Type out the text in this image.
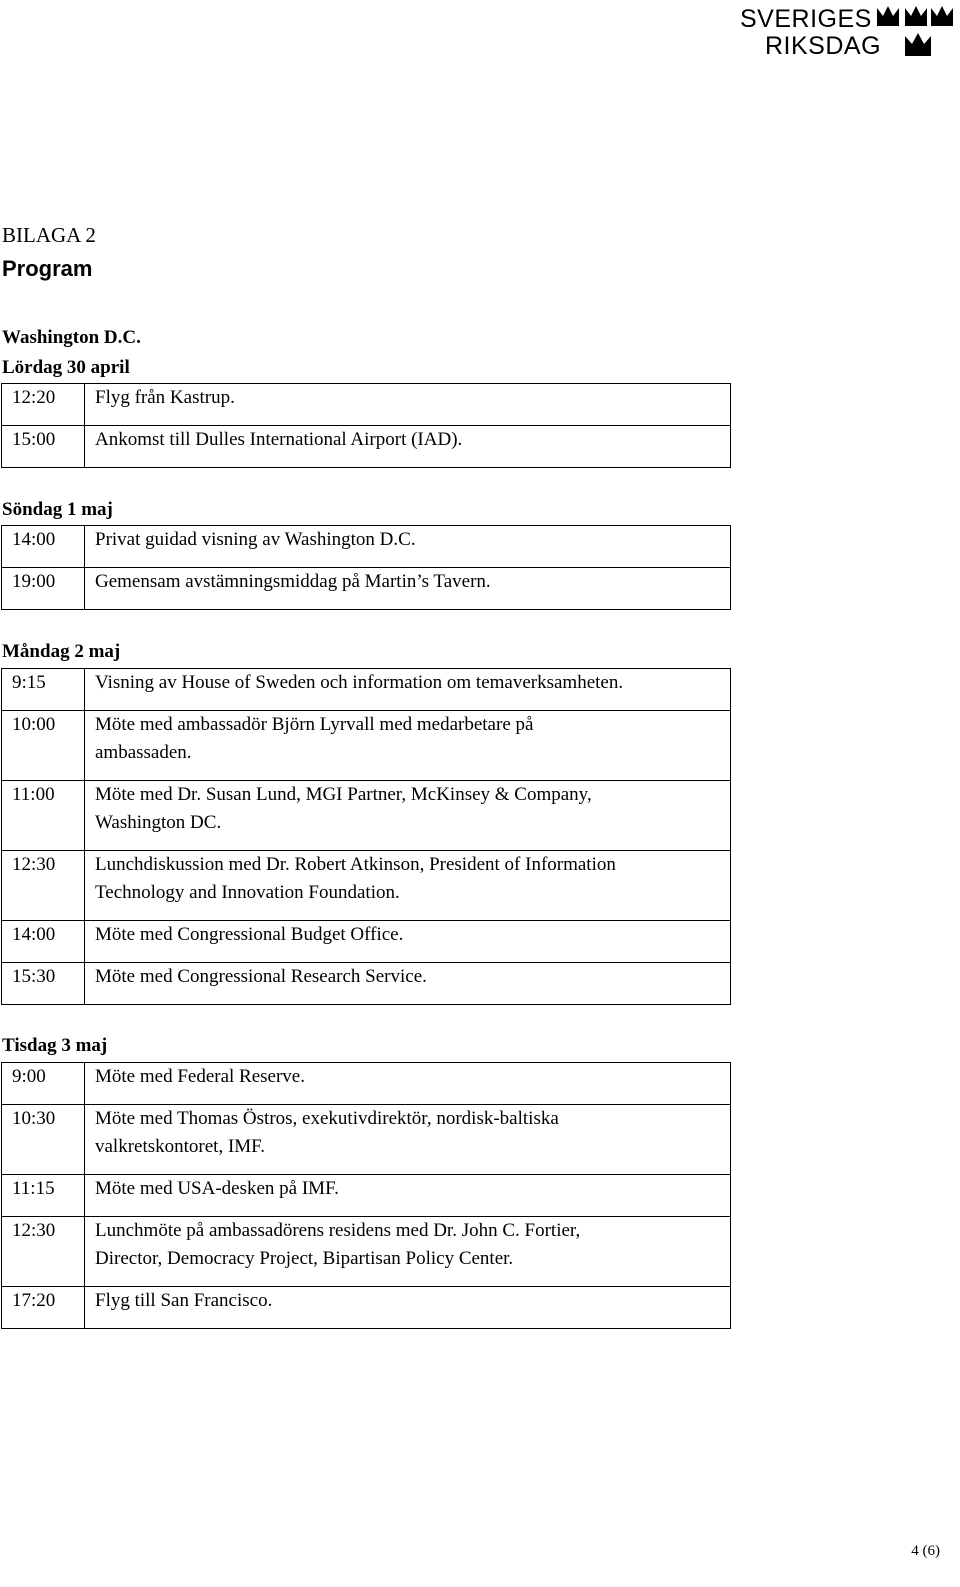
SVERIGES
RIKSDAG
BILAGA 2
Program
Washington D.C.
Lördag 30 april
12:20	Flyg från Kastrup.
15:00	Ankomst till Dulles International Airport (IAD).
Söndag 1 maj
14:00	Privat guidad visning av Washington D.C.
19:00	Gemensam avstämningsmiddag på Martin’s Tavern.
Måndag 2 maj
9:15	Visning av House of Sweden och information om temaverksamheten.
10:00	Möte med ambassadör Björn Lyrvall med medarbetare på
ambassaden.
11:00	Möte med Dr. Susan Lund, MGI Partner, McKinsey & Company,
Washington DC.
12:30	Lunchdiskussion med Dr. Robert Atkinson, President of Information
Technology and Innovation Foundation.
14:00	Möte med Congressional Budget Office.
15:30	Möte med Congressional Research Service.
Tisdag 3 maj
9:00	Möte med Federal Reserve.
10:30	Möte med Thomas Östros, exekutivdirektör, nordisk-baltiska
valkretskontoret, IMF.
11:15	Möte med USA-desken på IMF.
12:30	Lunchmöte på ambassadörens residens med Dr. John C. Fortier,
Director, Democracy Project, Bipartisan Policy Center.
17:20	Flyg till San Francisco.
4 (6)
